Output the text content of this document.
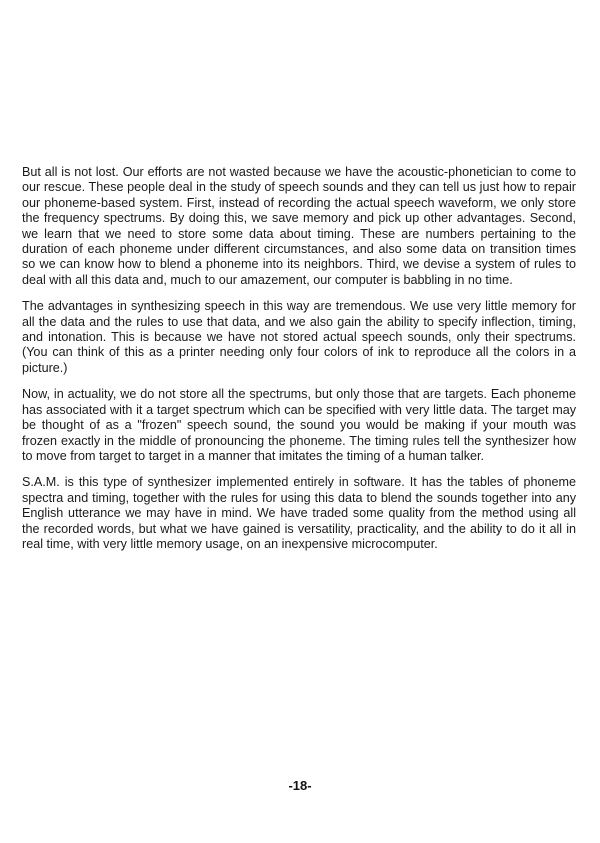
But all is not lost. Our efforts are not wasted because we have the acoustic-phonetician to come to our rescue. These people deal in the study of speech sounds and they can tell us just how to repair our phoneme-based system. First, instead of recording the actual speech waveform, we only store the frequency spectrums. By doing this, we save memory and pick up other advantages. Second, we learn that we need to store some data about timing. These are numbers pertaining to the duration of each phoneme under different circumstances, and also some data on transition times so we can know how to blend a phoneme into its neighbors. Third, we devise a system of rules to deal with all this data and, much to our amazement, our computer is babbling in no time.

The advantages in synthesizing speech in this way are tremendous. We use very little memory for all the data and the rules to use that data, and we also gain the ability to specify inflection, timing, and intonation. This is because we have not stored actual speech sounds, only their spectrums. (You can think of this as a printer needing only four colors of ink to reproduce all the colors in a picture.)

Now, in actuality, we do not store all the spectrums, but only those that are targets. Each phoneme has associated with it a target spectrum which can be specified with very little data. The target may be thought of as a "frozen" speech sound, the sound you would be making if your mouth was frozen exactly in the middle of pronouncing the phoneme. The timing rules tell the synthesizer how to move from target to target in a manner that imitates the timing of a human talker.

S.A.M. is this type of synthesizer implemented entirely in software. It has the tables of phoneme spectra and timing, together with the rules for using this data to blend the sounds together into any English utterance we may have in mind. We have traded some quality from the method using all the recorded words, but what we have gained is versatility, practicality, and the ability to do it all in real time, with very little memory usage, on an inexpensive microcomputer.

-18-
